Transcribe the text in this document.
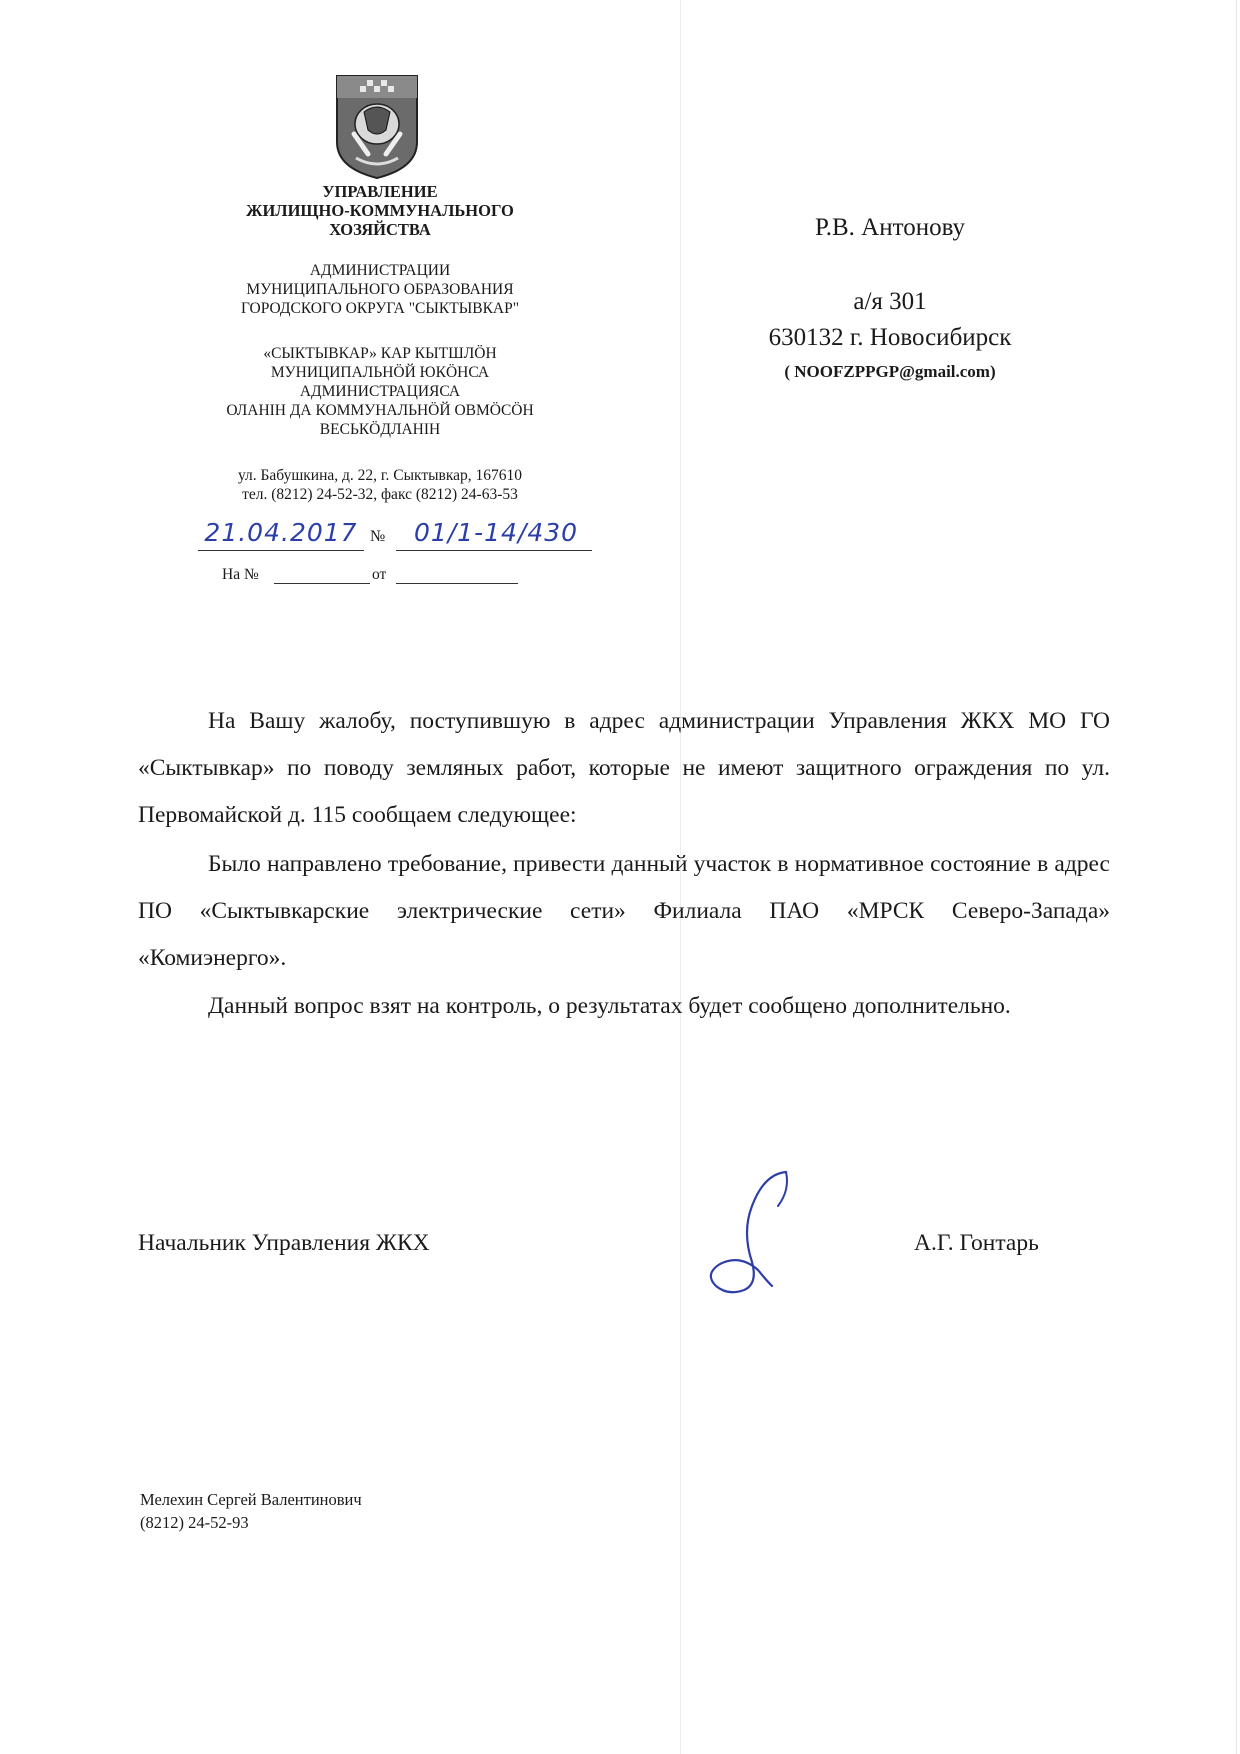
УПРАВЛЕНИЕ
ЖИЛИЩНО-КОММУНАЛЬНОГО
ХОЗЯЙСТВА
АДМИНИСТРАЦИИ
МУНИЦИПАЛЬНОГО ОБРАЗОВАНИЯ
ГОРОДСКОГО ОКРУГА "СЫКТЫВКАР"
«СЫКТЫВКАР» КАР КЫТШЛÖН
МУНИЦИПАЛЬНÖЙ ЮКÖНСА
АДМИНИСТРАЦИЯСА
ОЛАНІН ДА КОММУНАЛЬНÖЙ ОВМÖСÖН
ВЕСЬКÖДЛАНІН
ул. Бабушкина, д. 22, г. Сыктывкар, 167610
тел. (8212) 24-52-32, факс (8212) 24-63-53
21.04.2017 №	01/1-14/430
На №	от
Р.В. Антонову
а/я 301
630132 г. Новосибирск
( NOOFZPPGP@gmail.com)

На Вашу жалобу, поступившую в адрес администрации Управления ЖКХ МО ГО «Сыктывкар» по поводу земляных работ, которые не имеют защитного ограждения по ул. Первомайской д. 115 сообщаем следующее:

Было направлено требование, привести данный участок в нормативное состояние в адрес ПО «Сыктывкарские электрические сети» Филиала ПАО «МРСК Северо-Запада» «Комиэнерго».

Данный вопрос взят на контроль, о результатах будет сообщено дополнительно.

Начальник Управления ЖКХ	А.Г. Гонтарь
Мелехин Сергей Валентинович
(8212) 24-52-93
